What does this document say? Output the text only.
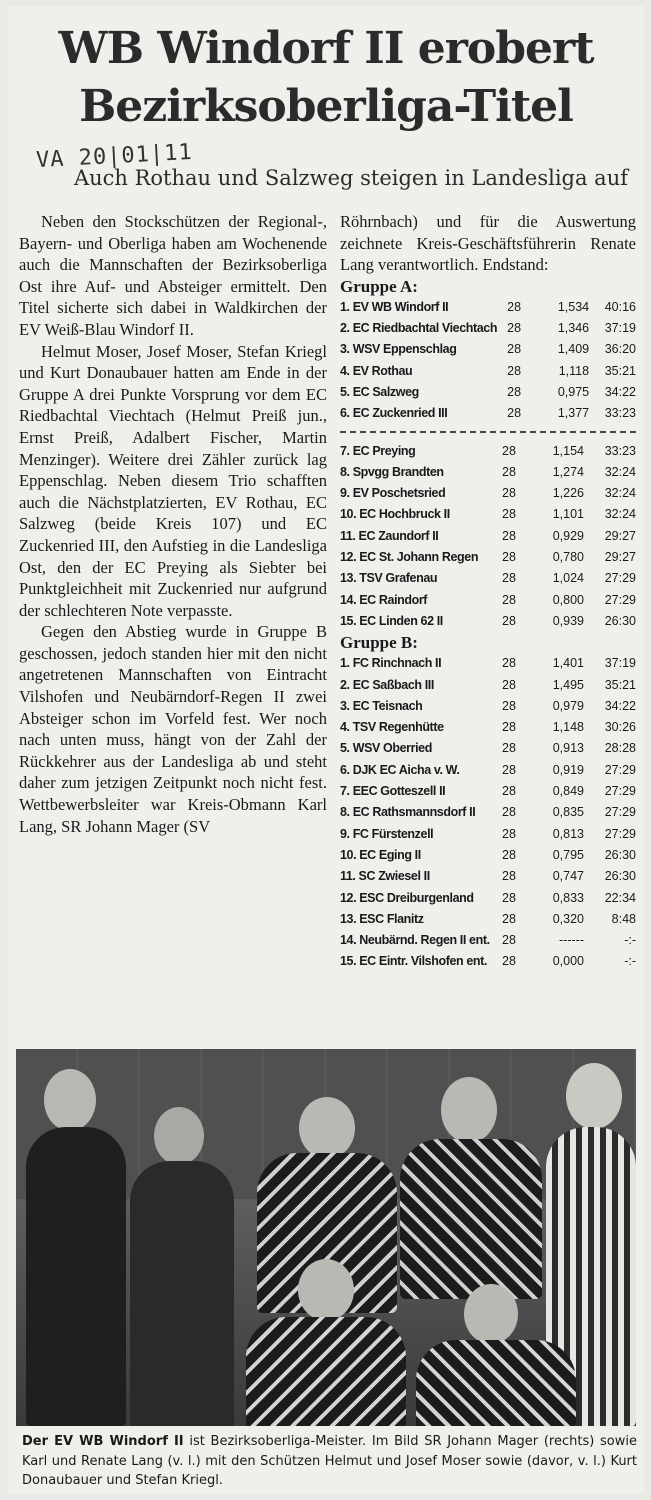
WB Windorf II erobert
Bezirksoberliga-Titel
VA 20|01|11
Auch Rothau und Salzweg steigen in Landesliga auf

Neben den Stockschützen der Regional-, Bayern- und Oberliga haben am Wochenende auch die Mannschaften der Bezirksoberliga Ost ihre Auf- und Absteiger ermittelt. Den Titel sicherte sich dabei in Waldkirchen der EV Weiß-Blau Windorf II.

Helmut Moser, Josef Moser, Stefan Kriegl und Kurt Donaubauer hatten am Ende in der Gruppe A drei Punkte Vorsprung vor dem EC Riedbachtal Viechtach (Helmut Preiß jun., Ernst Preiß, Adalbert Fischer, Martin Menzinger). Weitere drei Zähler zurück lag Eppenschlag. Neben diesem Trio schafften auch die Nächstplatzierten, EV Rothau, EC Salzweg (beide Kreis 107) und EC Zuckenried III, den Aufstieg in die Landesliga Ost, den der EC Preying als Siebter bei Punktgleichheit mit Zuckenried nur aufgrund der schlechteren Note verpasste.

Gegen den Abstieg wurde in Gruppe B geschossen, jedoch standen hier mit den nicht angetretenen Mannschaften von Eintracht Vilshofen und Neubärndorf-Regen II zwei Absteiger schon im Vorfeld fest. Wer noch nach unten muss, hängt von der Zahl der Rückkehrer aus der Landesliga ab und steht daher zum jetzigen Zeitpunkt noch nicht fest. Wettbewerbsleiter war Kreis-Obmann Karl Lang, SR Johann Mager (SV

Röhrnbach) und für die Auswertung zeichnete Kreis-Geschäftsführerin Renate Lang verantwortlich. Endstand:

Gruppe A:

1. EV WB Windorf II	28	1,534	40:16
2. EC Riedbachtal Viechtach	28	1,346	37:19
3. WSV Eppenschlag	28	1,409	36:20
4. EV Rothau	28	1,118	35:21
5. EC Salzweg	28	0,975	34:22
6. EC Zuckenried III	28	1,377	33:23
7. EC Preying	28	1,154	33:23
8. Spvgg Brandten	28	1,274	32:24
9. EV Poschetsried	28	1,226	32:24
10. EC Hochbruck II	28	1,101	32:24
11. EC Zaundorf II	28	0,929	29:27
12. EC St. Johann Regen	28	0,780	29:27
13. TSV Grafenau	28	1,024	27:29
14. EC Raindorf	28	0,800	27:29
15. EC Linden 62 II	28	0,939	26:30

Gruppe B:

1. FC Rinchnach II	28	1,401	37:19
2. EC Saßbach III	28	1,495	35:21
3. EC Teisnach	28	0,979	34:22
4. TSV Regenhütte	28	1,148	30:26
5. WSV Oberried	28	0,913	28:28
6. DJK EC Aicha v. W.	28	0,919	27:29
7. EEC Gotteszell II	28	0,849	27:29
8. EC Rathsmannsdorf II	28	0,835	27:29
9. FC Fürstenzell	28	0,813	27:29
10. EC Eging II	28	0,795	26:30
11. SC Zwiesel II	28	0,747	26:30
12. ESC Dreiburgenland	28	0,833	22:34
13. ESC Flanitz	28	0,320	8:48
14. Neubärnd. Regen II ent.	28	------	-:-
15. EC Eintr. Vilshofen ent.	28	0,000	-:-
Der EV WB Windorf II ist Bezirksoberliga-Meister. Im Bild SR Johann Mager (rechts) sowie Karl und Renate Lang (v. l.) mit den Schützen Helmut und Josef Moser sowie (davor, v. l.) Kurt Donaubauer und Stefan Kriegl.
